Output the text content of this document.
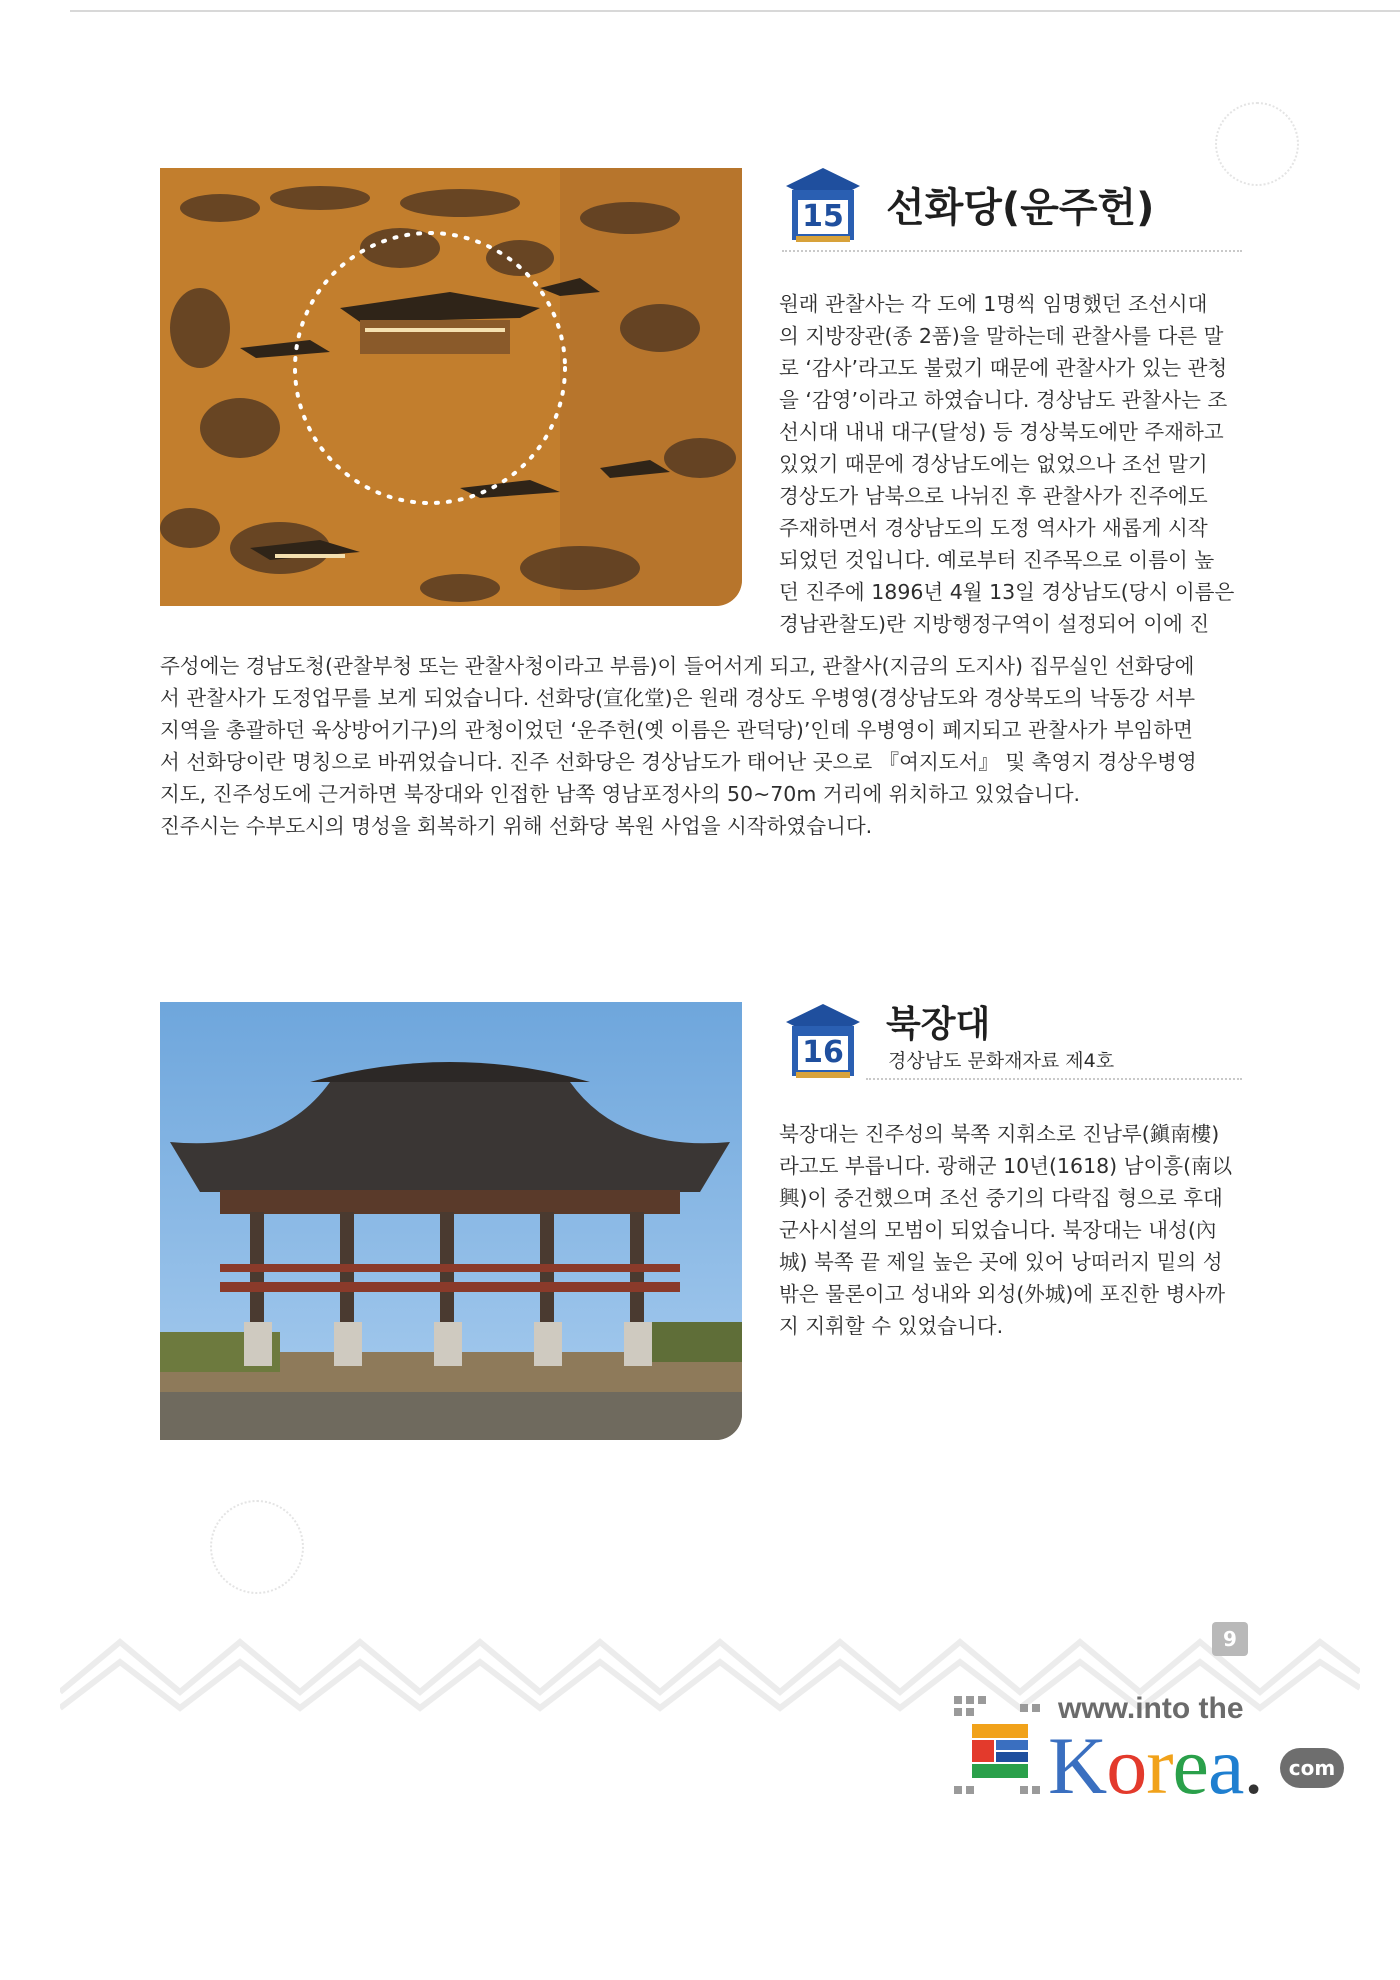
15 선화당(운주헌)
원래 관찰사는 각 도에 1명씩 임명했던 조선시대
의 지방장관(종 2품)을 말하는데 관찰사를 다른 말
로 ‘감사’라고도 불렀기 때문에 관찰사가 있는 관청
을 ‘감영’이라고 하였습니다. 경상남도 관찰사는 조
선시대 내내 대구(달성) 등 경상북도에만 주재하고
있었기 때문에 경상남도에는 없었으나 조선 말기
경상도가 남북으로 나뉘진 후 관찰사가 진주에도
주재하면서 경상남도의 도정 역사가 새롭게 시작
되었던 것입니다. 예로부터 진주목으로 이름이 높
던 진주에 1896년 4월 13일 경상남도(당시 이름은
경남관찰도)란 지방행정구역이 설정되어 이에 진
주성에는 경남도청(관찰부청 또는 관찰사청이라고 부름)이 들어서게 되고, 관찰사(지금의 도지사) 집무실인 선화당에
서 관찰사가 도정업무를 보게 되었습니다. 선화당(宣化堂)은 원래 경상도 우병영(경상남도와 경상북도의 낙동강 서부
지역을 총괄하던 육상방어기구)의 관청이었던 ‘운주헌(옛 이름은 관덕당)’인데 우병영이 폐지되고 관찰사가 부임하면
서 선화당이란 명칭으로 바뀌었습니다. 진주 선화당은 경상남도가 태어난 곳으로 『여지도서』 및 촉영지 경상우병영
지도, 진주성도에 근거하면 북장대와 인접한 남쪽 영남포정사의 50~70m 거리에 위치하고 있었습니다.
진주시는 수부도시의 명성을 회복하기 위해 선화당 복원 사업을 시작하였습니다.
16
북장대
경상남도 문화재자료 제4호
북장대는 진주성의 북쪽 지휘소로 진남루(鎭南樓)
라고도 부릅니다. 광해군 10년(1618) 남이흥(南以
興)이 중건했으며 조선 중기의 다락집 형으로 후대
군사시설의 모범이 되었습니다. 북장대는 내성(內
城) 북쪽 끝 제일 높은 곳에 있어 낭떠러지 밑의 성
밖은 물론이고 성내와 외성(外城)에 포진한 병사까
지 지휘할 수 있었습니다.
9
www.into the
Korea.	com
